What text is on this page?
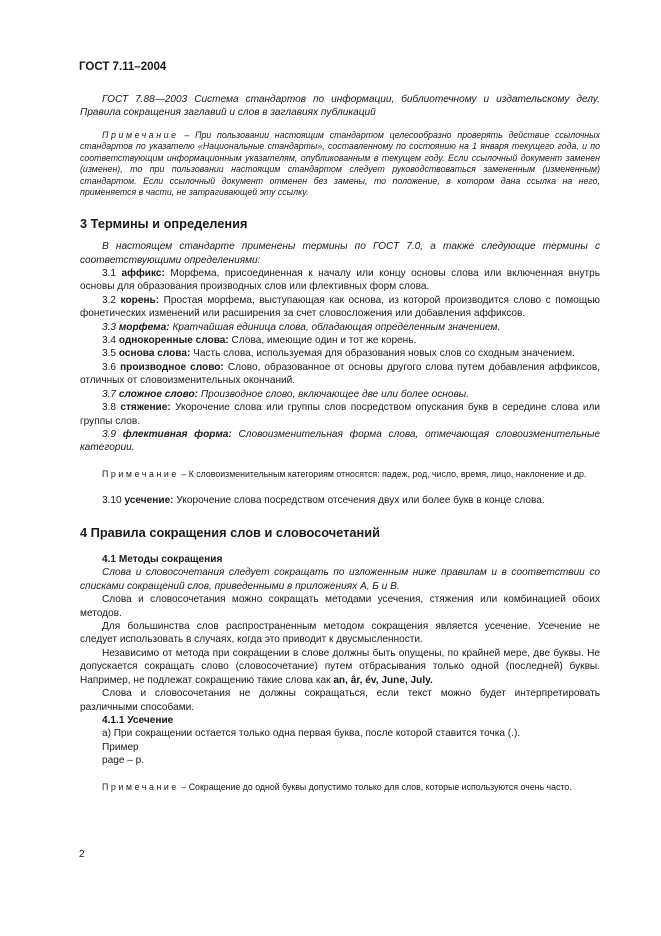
ГОСТ 7.11–2004

ГОСТ 7.88—2003 Система стандартов по информации, библиотечному и издательскому делу. Правила сокращения заглавий и слов в заглавиях публикаций

Примечание – При пользовании настоящим стандартом целесообразно проверять действие ссылочных стандартов по указателю «Национальные стандарты», составленному по состоянию на 1 января текущего года, и по соответствующим информационным указателям, опубликованным в текущем году. Если ссылочный документ заменен (изменен), то при пользовании настоящим стандартом следует руководствоваться замененным (измененным) стандартом. Если ссылочный документ отменен без замены, то положение, в котором дана ссылка на него, применяется в части, не затрагивающей эту ссылку.

3 Термины и определения

В настоящем стандарте применены термины по ГОСТ 7.0, а также следующие термины с соответствующими определениями:

3.1 аффикс: Морфема, присоединенная к началу или концу основы слова или включенная внутрь основы для образования производных слов или флективных форм слова.

3.2 корень: Простая морфема, выступающая как основа, из которой производится слово с помощью фонетических изменений или расширения за счет словосложения или добавления аффиксов.

3.3 морфема: Кратчайшая единица слова, обладающая определенным значением.

3.4 однокоренные слова: Слова, имеющие один и тот же корень.

3.5 основа слова: Часть слова, используемая для образования новых слов со сходным значением.

3.6 производное слово: Слово, образованное от основы другого слова путем добавления аффиксов, отличных от словоизменительных окончаний.

3.7 сложное слово: Производное слово, включающее две или более основы.

3.8 стяжение: Укорочение слова или группы слов посредством опускания букв в середине слова или группы слов.

3.9 флективная форма: Словоизменительная форма слова, отмечающая словоизменительные категории.

Примечание – К словоизменительным категориям относятся: падеж, род, число, время, лицо, наклонение и др.

3.10 усечение: Укорочение слова посредством отсечения двух или более букв в конце слова.

4 Правила сокращения слов и словосочетаний

4.1 Методы сокращения

Слова и словосочетания следует сокращать по изложенным ниже правилам и в соответствии со списками сокращений слов, приведенными в приложениях А, Б и В.

Слова и словосочетания можно сокращать методами усечения, стяжения или комбинацией обоих методов.

Для большинства слов распространенным методом сокращения является усечение. Усечение не следует использовать в случаях, когда это приводит к двусмысленности.

Независимо от метода при сокращении в слове должны быть опущены, по крайней мере, две буквы. Не допускается сокращать слово (словосочетание) путем отбрасывания только одной (последней) буквы. Например, не подлежат сокращению такие слова как an, âr, év, June, July.

Слова и словосочетания не должны сокращаться, если текст можно будет интерпретировать различными способами.

4.1.1 Усечение

а) При сокращении остается только одна первая буква, после которой ставится точка (.).

Пример

page – p.

Примечание – Сокращение до одной буквы допустимо только для слов, которые используются очень часто.

2
